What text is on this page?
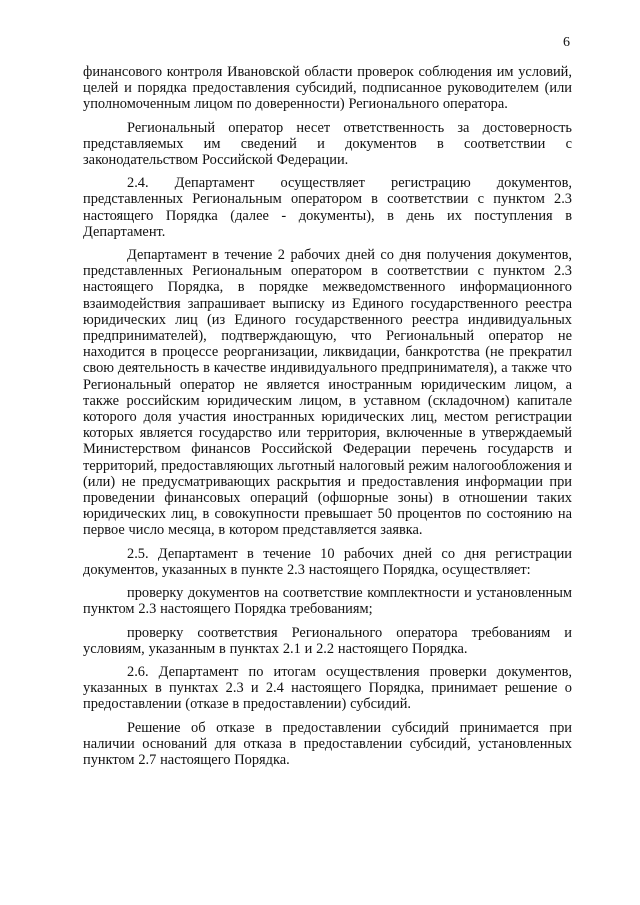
6

финансового контроля Ивановской области проверок соблюдения им условий, целей и порядка предоставления субсидий, подписанное руководителем (или уполномоченным лицом по доверенности) Регионального оператора.

Региональный оператор несет ответственность за достоверность представляемых им сведений и документов в соответствии с законодательством Российской Федерации.

2.4. Департамент осуществляет регистрацию документов, представленных Региональным оператором в соответствии с пунктом 2.3 настоящего Порядка (далее - документы), в день их поступления в Департамент.

Департамент в течение 2 рабочих дней со дня получения документов, представленных Региональным оператором в соответствии с пунктом 2.3 настоящего Порядка, в порядке межведомственного информационного взаимодействия запрашивает выписку из Единого государственного реестра юридических лиц (из Единого государственного реестра индивидуальных предпринимателей), подтверждающую, что Региональный оператор не находится в процессе реорганизации, ликвидации, банкротства (не прекратил свою деятельность в качестве индивидуального предпринимателя), а также что Региональный оператор не является иностранным юридическим лицом, а также российским юридическим лицом, в уставном (складочном) капитале которого доля участия иностранных юридических лиц, местом регистрации которых является государство или территория, включенные в утверждаемый Министерством финансов Российской Федерации перечень государств и территорий, предоставляющих льготный налоговый режим налогообложения и (или) не предусматривающих раскрытия и предоставления информации при проведении финансовых операций (офшорные зоны) в отношении таких юридических лиц, в совокупности превышает 50 процентов по состоянию на первое число месяца, в котором представляется заявка.

2.5. Департамент в течение 10 рабочих дней со дня регистрации документов, указанных в пункте 2.3 настоящего Порядка, осуществляет:

проверку документов на соответствие комплектности и установленным пунктом 2.3 настоящего Порядка требованиям;

проверку соответствия Регионального оператора требованиям и условиям, указанным в пунктах 2.1 и 2.2 настоящего Порядка.

2.6. Департамент по итогам осуществления проверки документов, указанных в пунктах 2.3 и 2.4 настоящего Порядка, принимает решение о предоставлении (отказе в предоставлении) субсидий.

Решение об отказе в предоставлении субсидий принимается при наличии оснований для отказа в предоставлении субсидий, установленных пунктом 2.7 настоящего Порядка.
